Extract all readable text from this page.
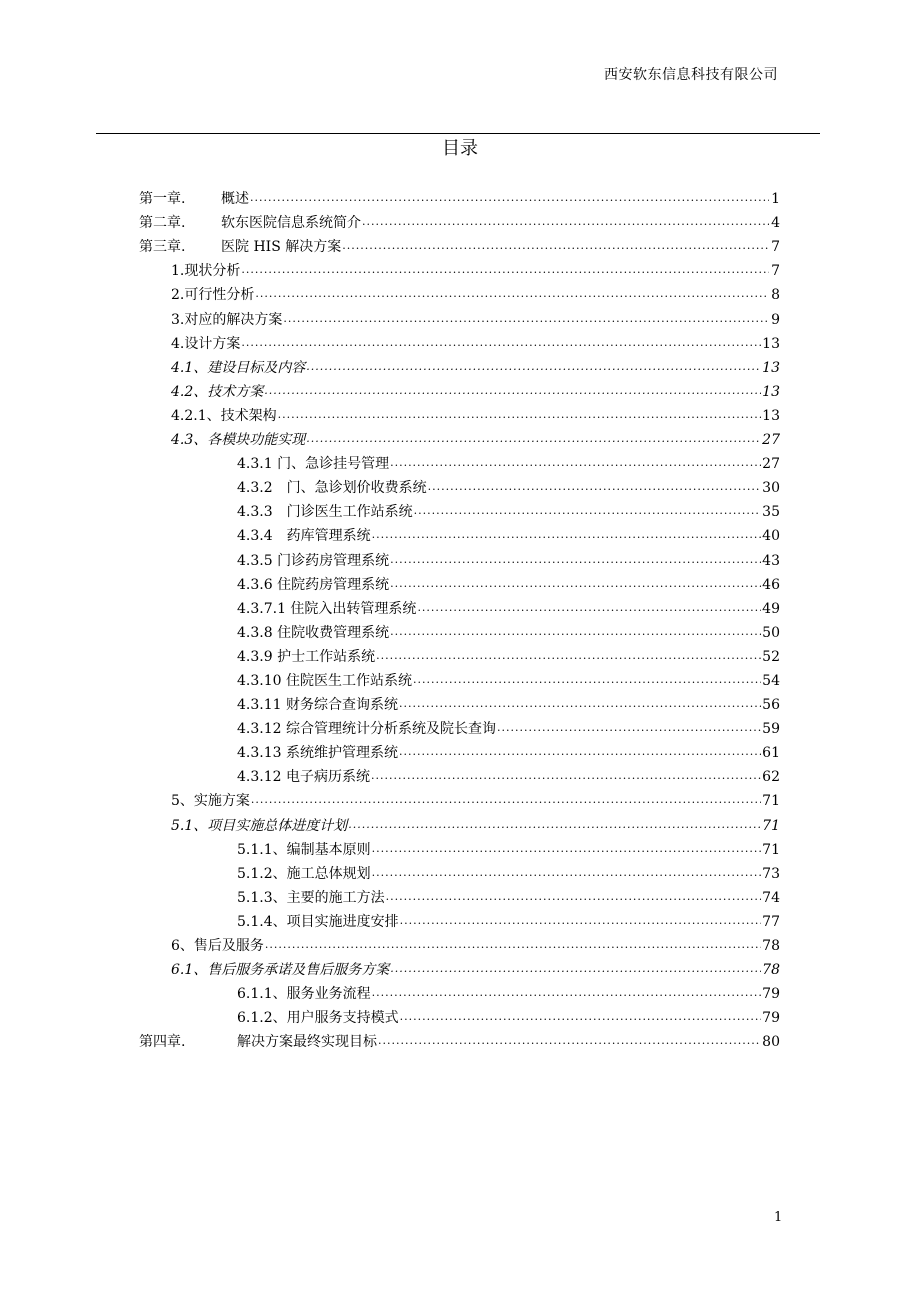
西安软东信息科技有限公司
目录
第一章.	概述 .....	1
第二章.	软东医院信息系统简介 .....	4
第三章.	医院 HIS 解决方案 .....	7
1.现状分析 .....	7
2.可行性分析 .....	8
3.对应的解决方案 .....	9
4.设计方案 .....	13
4.1、建设目标及内容 .....	13
4.2、技术方案 .....	13
4.2.1、技术架构 .....	13
4.3、各模块功能实现 .....	27
4.3.1 门、急诊挂号管理 .....	27
4.3.2　门、急诊划价收费系统 .....	30
4.3.3　门诊医生工作站系统 .....	35
4.3.4　药库管理系统 .....	40
4.3.5 门诊药房管理系统 .....	43
4.3.6 住院药房管理系统 .....	46
4.3.7.1 住院入出转管理系统 .....	49
4.3.8 住院收费管理系统 .....	50
4.3.9 护士工作站系统 .....	52
4.3.10 住院医生工作站系统 .....	54
4.3.11 财务综合查询系统 .....	56
4.3.12 综合管理统计分析系统及院长查询 .....	59
4.3.13 系统维护管理系统 .....	61
4.3.12 电子病历系统 .....	62
5、实施方案 .....	71
5.1、项目实施总体进度计划 .....	71
5.1.1、编制基本原则 .....	71
5.1.2、施工总体规划 .....	73
5.1.3、主要的施工方法 .....	74
5.1.4、项目实施进度安排 .....	77
6、售后及服务 .....	78
6.1、售后服务承诺及售后服务方案 .....	78
6.1.1、服务业务流程 .....	79
6.1.2、用户服务支持模式 .....	79
第四章.	解决方案最终实现目标 .....	80
1
